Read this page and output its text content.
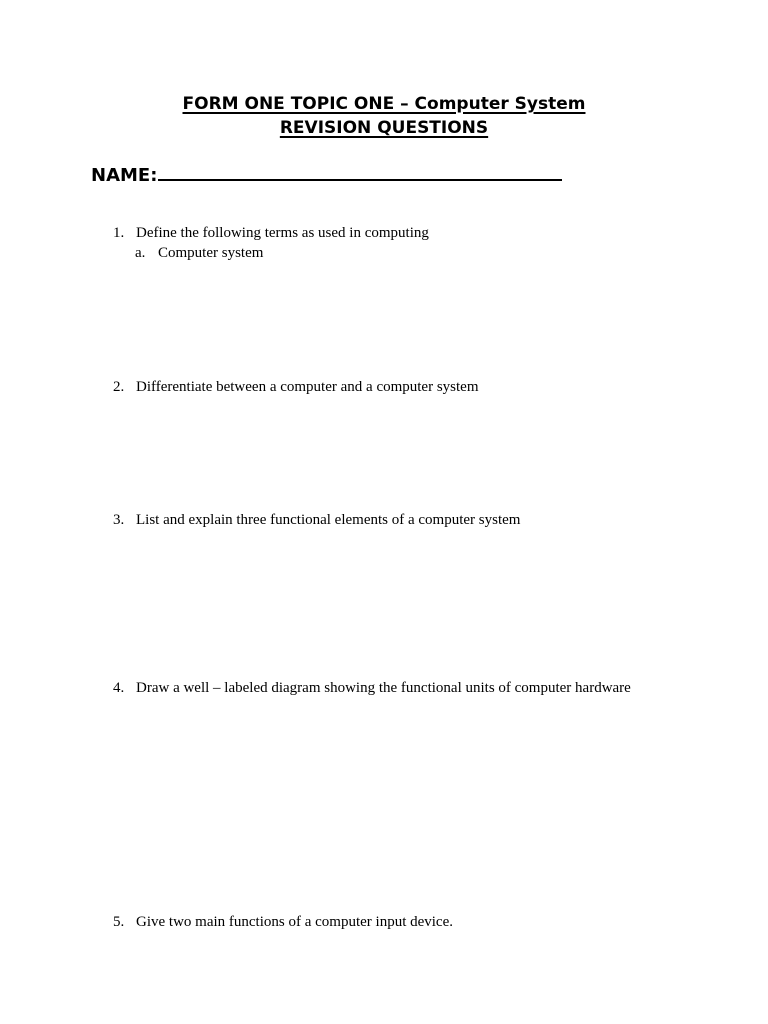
FORM ONE TOPIC ONE – Computer System
REVISION QUESTIONS
NAME:
1. Define the following terms as used in computing
a. Computer system
2. Differentiate between a computer and a computer system
3. List and explain three functional elements of a computer system
4. Draw a well – labeled diagram showing the functional units of computer hardware
5. Give two main functions of a computer input device.
